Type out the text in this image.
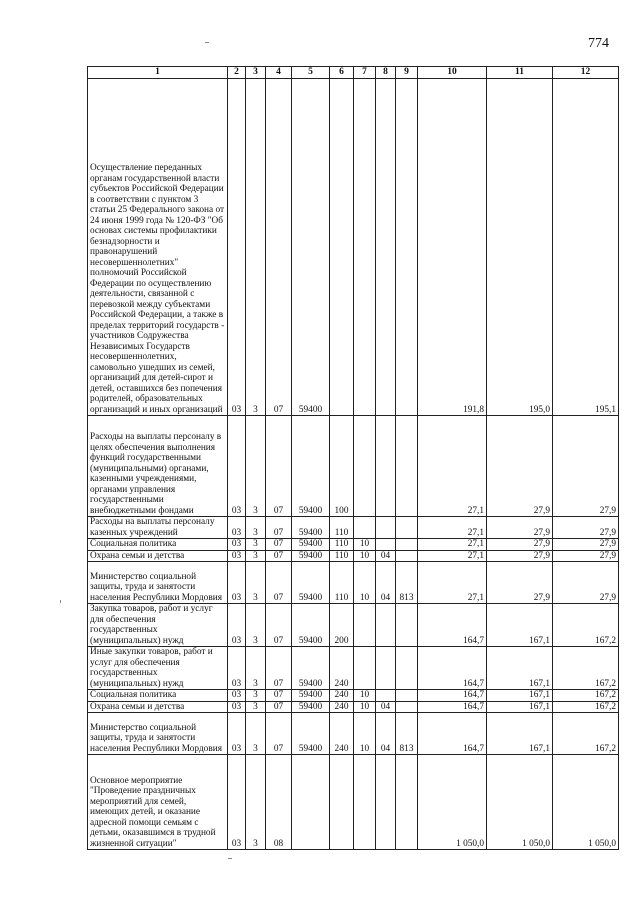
774
1	2	3	4	5	6	7	8	9	10	11	12
Осуществление переданных органам государственной власти субъектов Российской Федерации в соответствии с пунктом 3 статьи 25 Федерального закона от 24 июня 1999 года № 120-ФЗ "Об основах системы профилактики безнадзорности и правонарушений несовершеннолетних" полномочий Российской Федерации по осуществлению деятельности, связанной с перевозкой между субъектами Российской Федерации, а также в пределах территорий государств - участников Содружества Независимых Государств несовершеннолетних, самовольно ушедших из семей, организаций для детей-сирот и детей, оставшихся без попечения родителей, образовательных организаций и иных организаций	03	3	07	59400					191,8	195,0	195,1
Расходы на выплаты персоналу в целях обеспечения выполнения функций государственными (муниципальными) органами, казенными учреждениями, органами управления государственными внебюджетными фондами	03	3	07	59400	100				27,1	27,9	27,9
Расходы на выплаты персоналу казенных учреждений	03	3	07	59400	110				27,1	27,9	27,9
Социальная политика	03	3	07	59400	110	10			27,1	27,9	27,9
Охрана семьи и детства	03	3	07	59400	110	10	04		27,1	27,9	27,9
Министерство социальной защиты, труда и занятости населения Республики Мордовия	03	3	07	59400	110	10	04	813	27,1	27,9	27,9
Закупка товаров, работ и услуг для обеспечения государственных (муниципальных) нужд	03	3	07	59400	200				164,7	167,1	167,2
Иные закупки товаров, работ и услуг для обеспечения государственных (муниципальных) нужд	03	3	07	59400	240				164,7	167,1	167,2
Социальная политика	03	3	07	59400	240	10			164,7	167,1	167,2
Охрана семьи и детства	03	3	07	59400	240	10	04		164,7	167,1	167,2
Министерство социальной защиты, труда и занятости населения Республики Мордовия	03	3	07	59400	240	10	04	813	164,7	167,1	167,2
Основное мероприятие "Проведение праздничных мероприятий для семей, имеющих детей, и оказание адресной помощи семьям с детьми, оказавшимся в трудной жизненной ситуации"	03	3	08						1 050,0	1 050,0	1 050,0
